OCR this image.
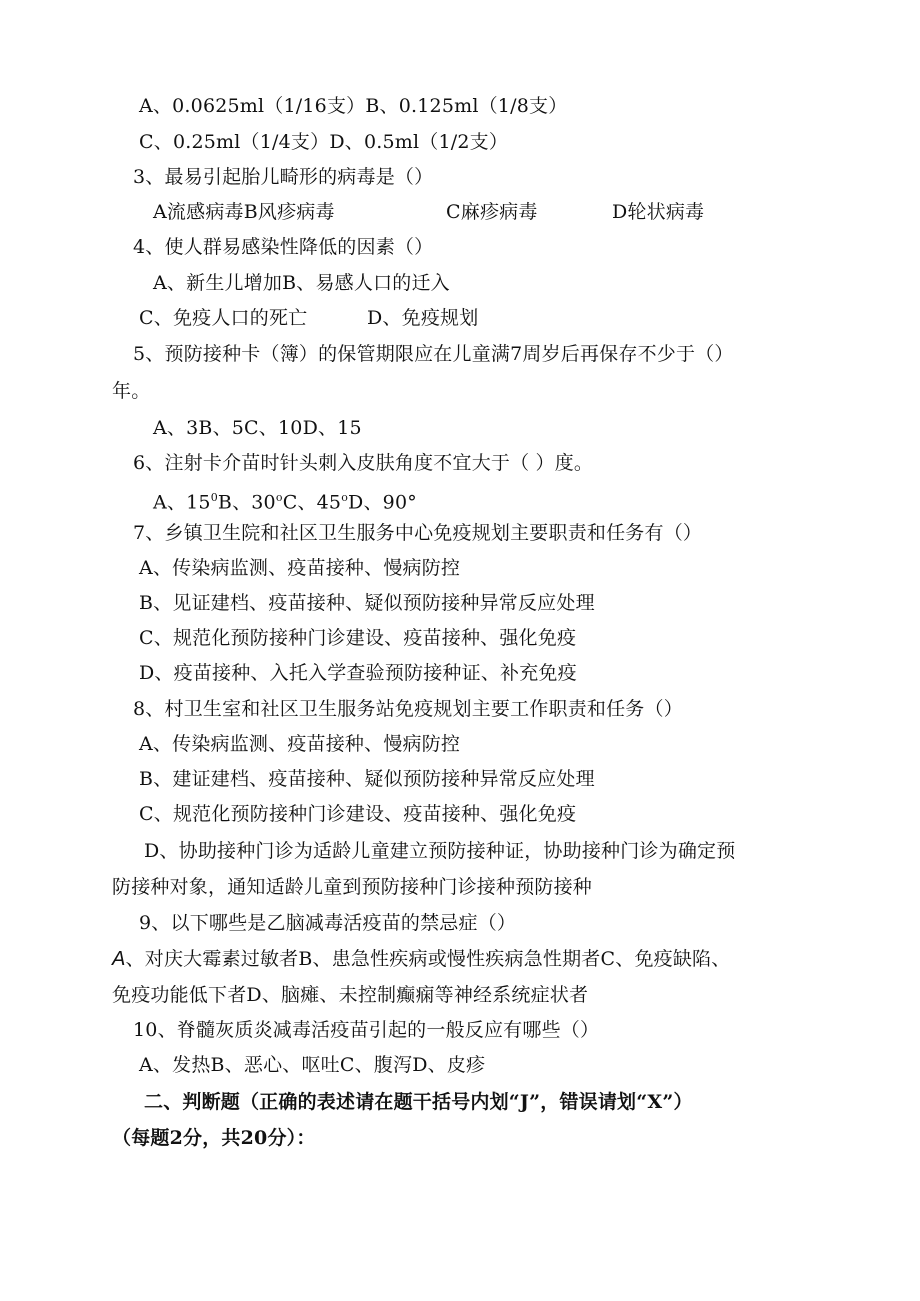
A、0.0625ml（1/16支）B、0.125ml（1/8支）
C、0.25ml（1/4支）D、0.5ml（1/2支）
3、最易引起胎儿畸形的病毒是（）
A流感病毒B风疹病毒	C麻疹病毒	D轮状病毒
4、使人群易感染性降低的因素（）
A、新生儿增加B、易感人口的迁入
C、免疫人口的死亡	D、免疫规划
5、预防接种卡（簿）的保管期限应在儿童满7周岁后再保存不少于（）
年。
A、3B、5C、10D、15
6、注射卡介苗时针头刺入皮肤角度不宜大于（ ）度。
A、$15^0B$、30$^o$C、45$^o$D、90°
7、乡镇卫生院和社区卫生服务中心免疫规划主要职责和任务有（）
A、传染病监测、疫苗接种、慢病防控
B、见证建档、疫苗接种、疑似预防接种异常反应处理
C、规范化预防接种门诊建设、疫苗接种、强化免疫
D、疫苗接种、入托入学查验预防接种证、补充免疫
8、村卫生室和社区卫生服务站免疫规划主要工作职责和任务（）
A、传染病监测、疫苗接种、慢病防控
B、建证建档、疫苗接种、疑似预防接种异常反应处理
C、规范化预防接种门诊建设、疫苗接种、强化免疫
D、协助接种门诊为适龄儿童建立预防接种证，协助接种门诊为确定预
防接种对象，通知适龄儿童到预防接种门诊接种预防接种
9、以下哪些是乙脑减毒活疫苗的禁忌症（）
A、对庆大霉素过敏者B、患急性疾病或慢性疾病急性期者C、免疫缺陷、
免疫功能低下者D、脑瘫、未控制癫痫等神经系统症状者
10、脊髓灰质炎减毒活疫苗引起的一般反应有哪些（）
A、发热B、恶心、呕吐C、腹泻D、皮疹
二、判断题（正确的表述请在题干括号内划“J”，错误请划“X”）
（每题2分，共20分）：
